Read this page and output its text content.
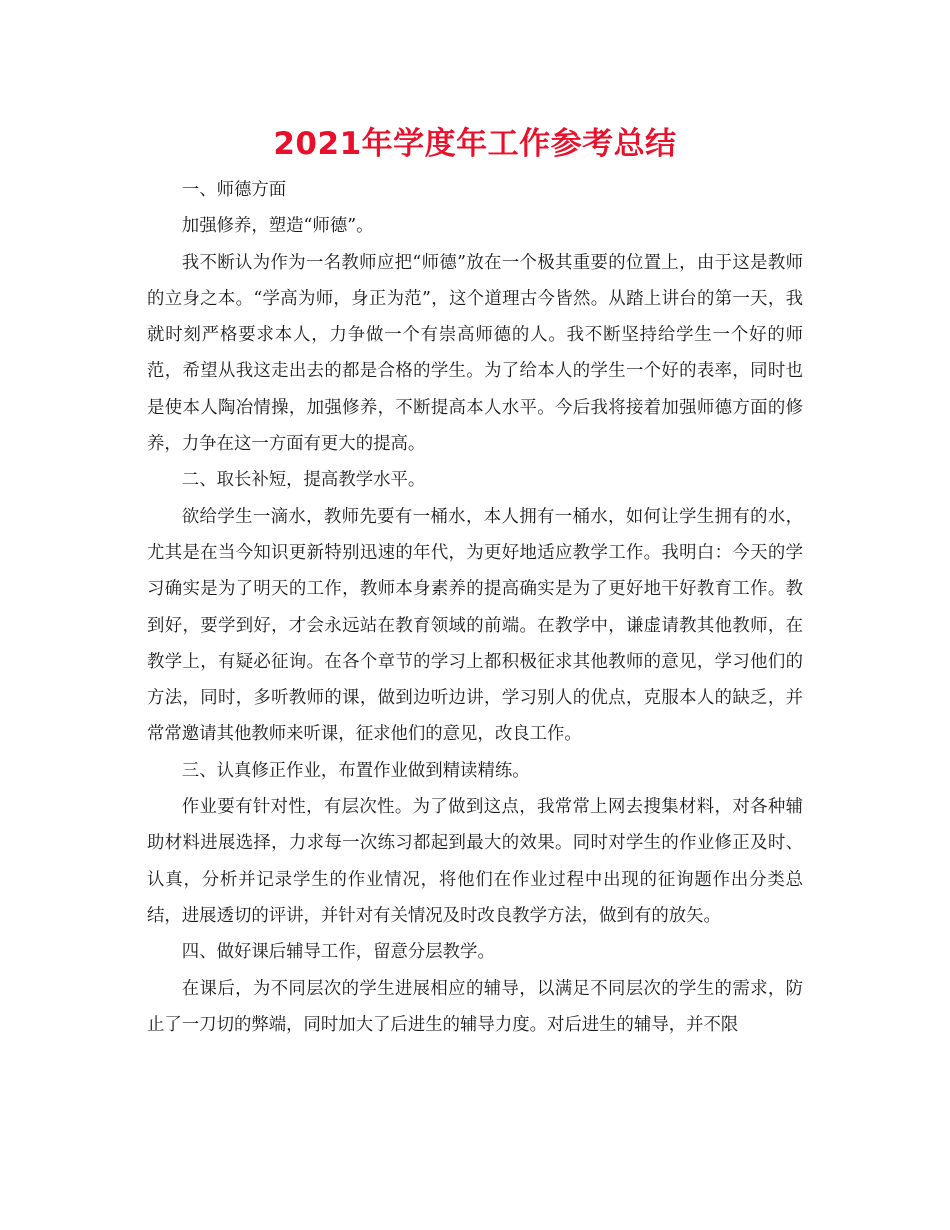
2021年学度年工作参考总结

一、师德方面

加强修养，塑造“师德”。

我不断认为作为一名教师应把“师德”放在一个极其重要的位置上，由于这是教师的立身之本。“学高为师，身正为范”，这个道理古今皆然。从踏上讲台的第一天，我就时刻严格要求本人，力争做一个有崇高师德的人。我不断坚持给学生一个好的师范，希望从我这走出去的都是合格的学生。为了给本人的学生一个好的表率，同时也是使本人陶冶情操，加强修养，不断提高本人水平。今后我将接着加强师德方面的修养，力争在这一方面有更大的提高。

二、取长补短，提高教学水平。

欲给学生一滴水，教师先要有一桶水，本人拥有一桶水，如何让学生拥有的水，尤其是在当今知识更新特别迅速的年代，为更好地适应教学工作。我明白：今天的学习确实是为了明天的工作，教师本身素养的提高确实是为了更好地干好教育工作。教到好，要学到好，才会永远站在教育领域的前端。在教学中，谦虚请教其他教师，在教学上，有疑必征询。在各个章节的学习上都积极征求其他教师的意见，学习他们的方法，同时，多听教师的课，做到边听边讲，学习别人的优点，克服本人的缺乏，并常常邀请其他教师来听课，征求他们的意见，改良工作。

三、认真修正作业，布置作业做到精读精练。

作业要有针对性，有层次性。为了做到这点，我常常上网去搜集材料，对各种辅助材料进展选择，力求每一次练习都起到最大的效果。同时对学生的作业修正及时、认真，分析并记录学生的作业情况，将他们在作业过程中出现的征询题作出分类总结，进展透切的评讲，并针对有关情况及时改良教学方法，做到有的放矢。

四、做好课后辅导工作，留意分层教学。

在课后，为不同层次的学生进展相应的辅导，以满足不同层次的学生的需求，防止了一刀切的弊端，同时加大了后进生的辅导力度。对后进生的辅导，并不限
